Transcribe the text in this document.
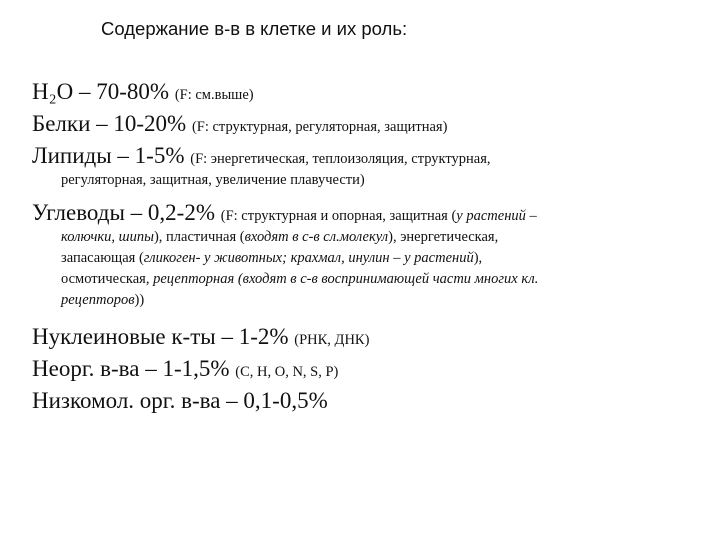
Содержание в-в в клетке и их роль:
H₂O – 70-80% (F: см.выше)
Белки – 10-20% (F: структурная, регуляторная, защитная)
Липиды – 1-5% (F: энергетическая, теплоизоляция, структурная,
регуляторная, защитная, увеличение плавучести)
Углеводы – 0,2-2% (F: структурная и опорная, защитная (у растений –
колючки, шипы), пластичная (входят в с-в сл.молекул), энергетическая,
запасающая (гликоген- у животных; крахмал, инулин – у растений),
осмотическая, рецепторная (входят в с-в воспринимающей части многих кл.
рецепторов))
Нуклеиновые к-ты – 1-2% (РНК, ДНК)
Неорг. в-ва – 1-1,5% (C, H, O, N, S, P)
Низкомол. орг. в-ва – 0,1-0,5%
